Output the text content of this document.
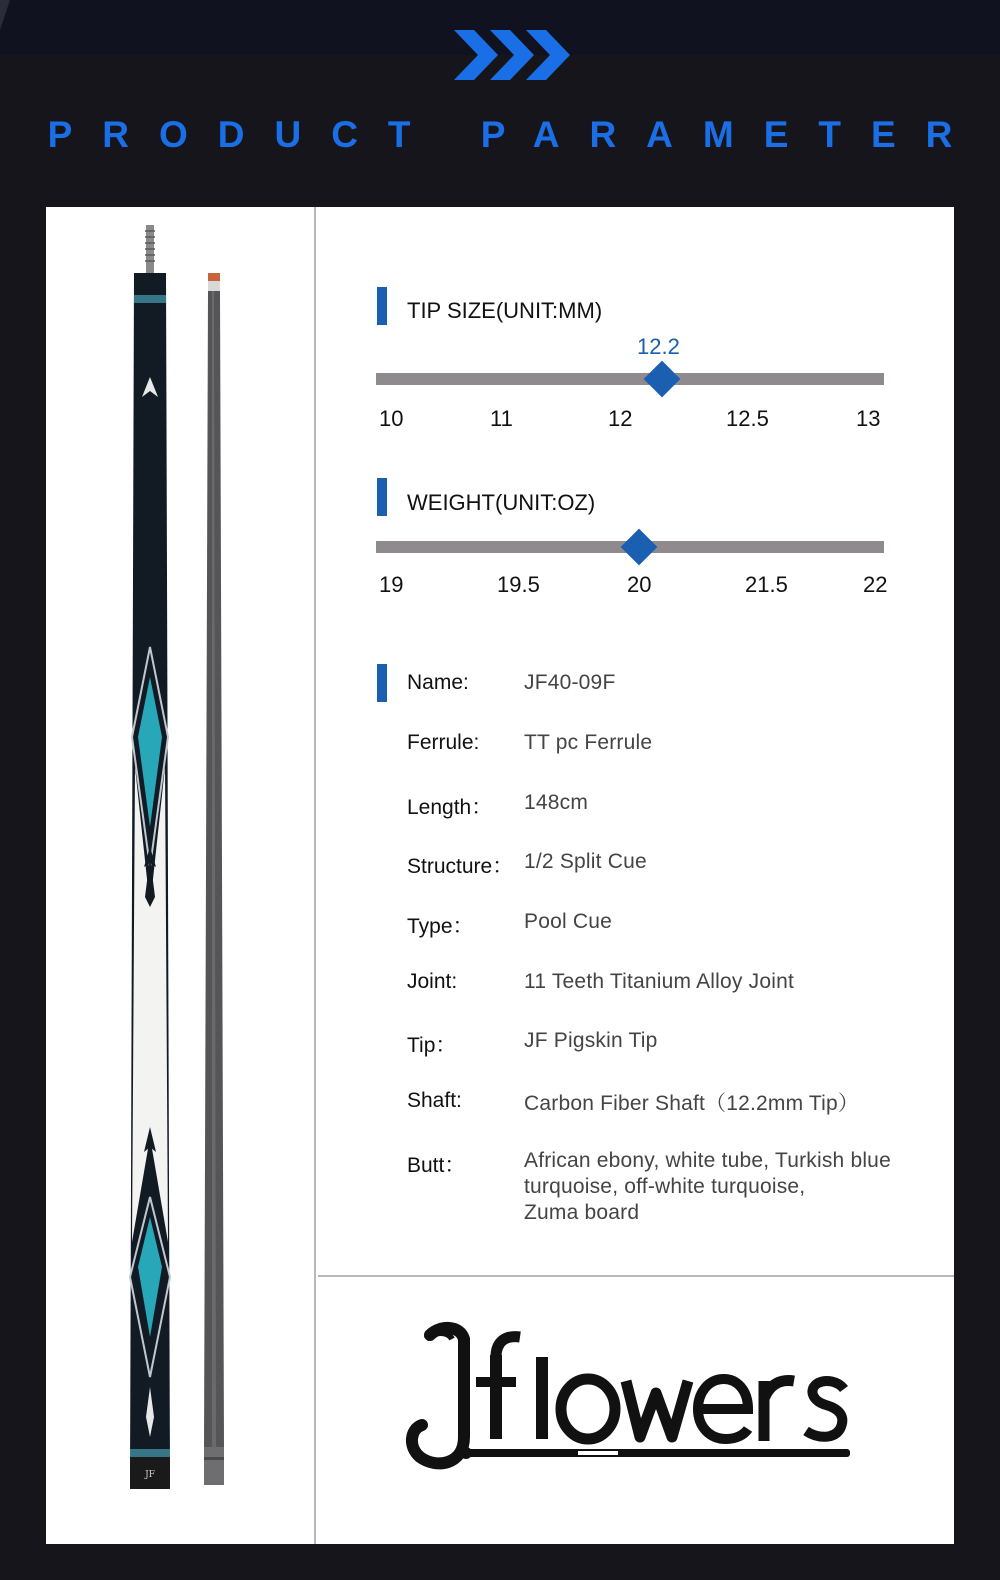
PRODUCT PARAMETER
JF
TIP SIZE(UNIT:MM)
12.2
10	11	12	12.5	13
WEIGHT(UNIT:OZ)
19	19.5	20	21.5	22
Name:	JF40-09F
Ferrule: TT pc Ferrule
Length： 148cm
Structure： 1/2 Split Cue
Type： Pool Cue
Joint:	11 Teeth Titanium Alloy Joint
Tip：	JF Pigskin Tip
Shaft:	Carbon Fiber Shaft（12.2mm Tip）
Butt：	African ebony, white tube, Turkish blue
turquoise, off-white turquoise,
Zuma board
